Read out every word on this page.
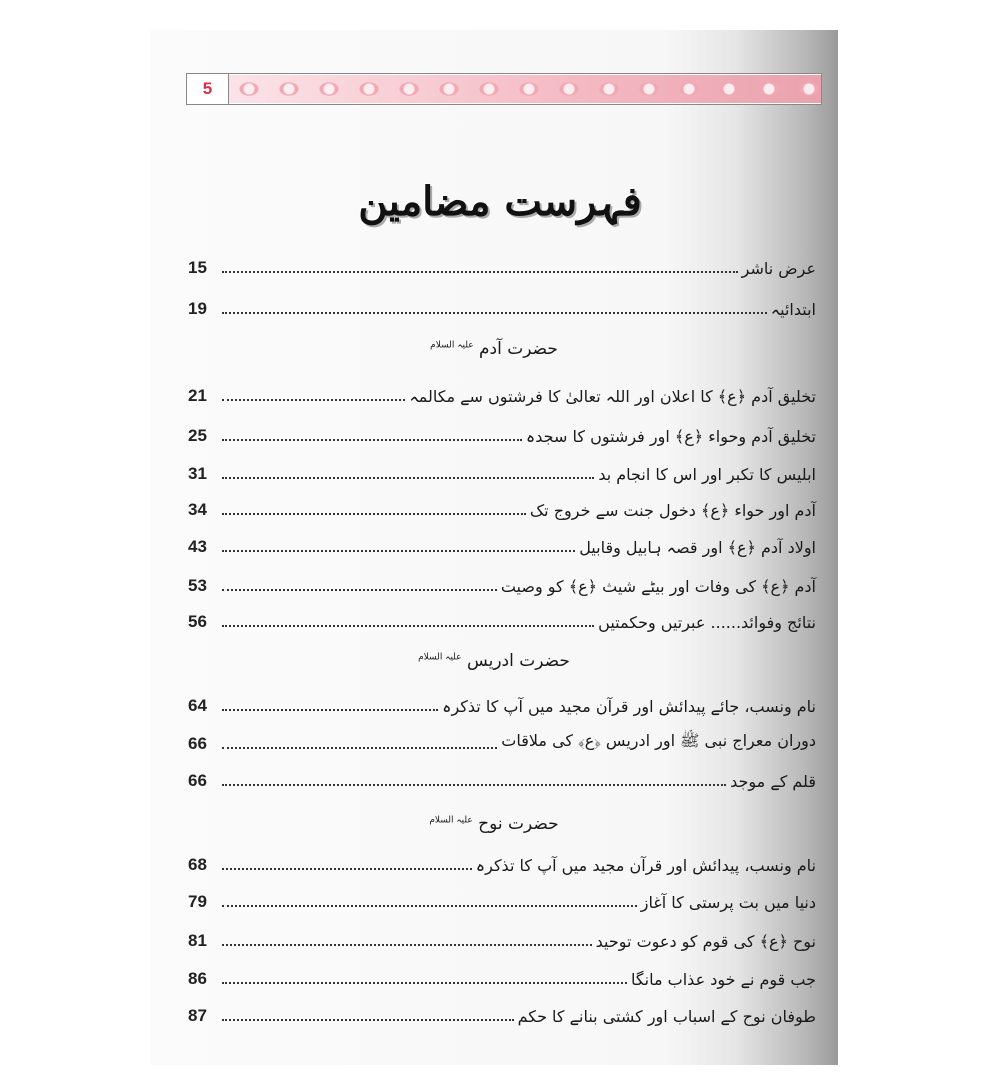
5
فہرست مضامین
15	عرض ناشر
19	ابتدائیہ
حضرت آدم $^{علیہ السلام}$
21	تخلیق آدم ﴿ع﴾ کا اعلان اور اللہ تعالیٰ کا فرشتوں سے مکالمہ
25	تخلیق آدم وحواء ﴿ع﴾ اور فرشتوں کا سجدہ
31	ابلیس کا تکبر اور اس کا انجام بد
34	آدم اور حواء ﴿ع﴾ دخول جنت سے خروج تک
43	اولاد آدم ﴿ع﴾ اور قصہ ہابیل وقابیل
53	آدم ﴿ع﴾ کی وفات اور بیٹے شیث ﴿ع﴾ کو وصیت
56	نتائج وفوائد...... عبرتیں وحکمتیں
حضرت ادریس $^{علیہ السلام}$
64	نام ونسب، جائے پیدائش اور قرآن مجید میں آپ کا تذکرہ
66	دوران معراج نبی ﷺ اور ادریس ﴿ع﴾ کی ملاقات
66	قلم کے موجد
حضرت نوح $^{علیہ السلام}$
68	نام ونسب، پیدائش اور قرآن مجید میں آپ کا تذکرہ
79	دنیا میں بت پرستی کا آغاز
81	نوح ﴿ع﴾ کی قوم کو دعوت توحید
86	جب قوم نے خود عذاب مانگا
87	طوفان نوح کے اسباب اور کشتی بنانے کا حکم
